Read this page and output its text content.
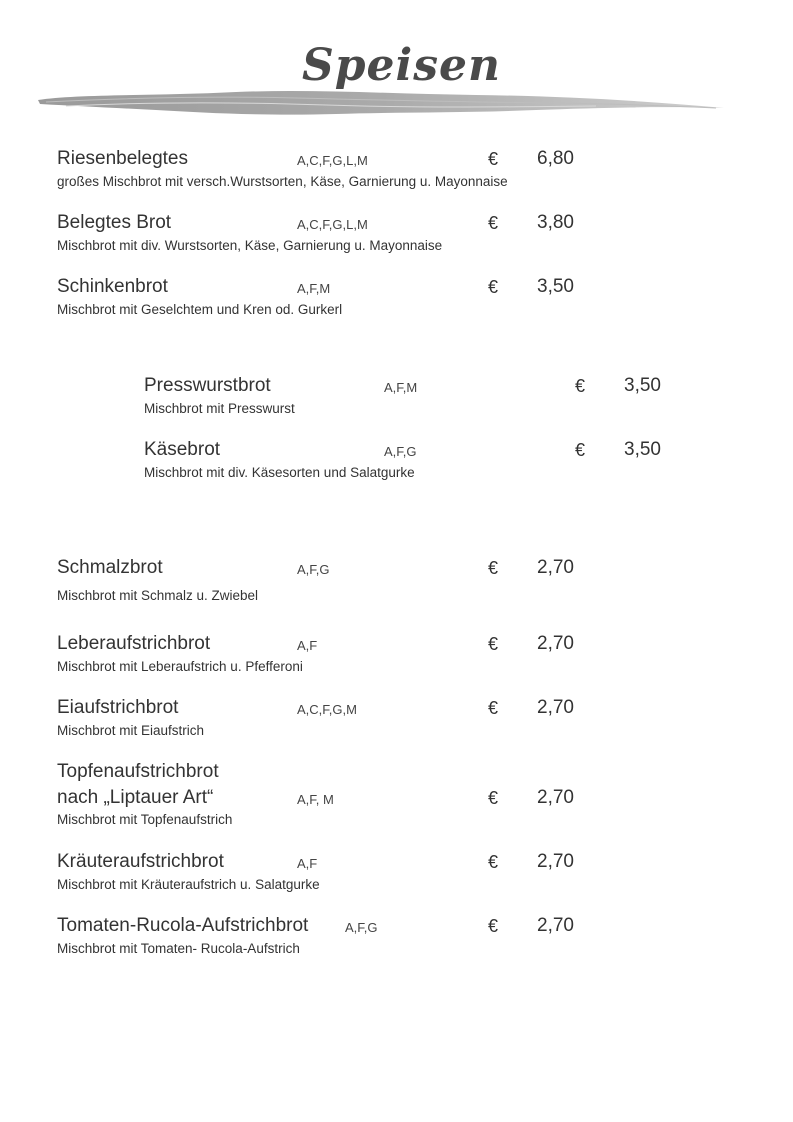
Speisen
Riesenbelegtes	A,C,F,G,L,M	€ 6,80
großes Mischbrot mit versch.Wurstsorten, Käse, Garnierung u. Mayonnaise
Belegtes Brot	A,C,F,G,L,M	€ 3,80
Mischbrot mit div. Wurstsorten, Käse, Garnierung u. Mayonnaise
Schinkenbrot	A,F,M	€ 3,50
Mischbrot mit Geselchtem und Kren od. Gurkerl
Presswurstbrot	A,F,M	€ 3,50
Mischbrot mit Presswurst
Käsebrot	A,F,G	€ 3,50
Mischbrot mit div. Käsesorten und Salatgurke
Schmalzbrot	A,F,G	€ 2,70
Mischbrot mit Schmalz u. Zwiebel
Leberaufstrichbrot	A,F	€ 2,70
Mischbrot mit Leberaufstrich u. Pfefferoni
Eiaufstrichbrot	A,C,F,G,M	€ 2,70
Mischbrot mit Eiaufstrich
Topfenaufstrichbrot
nach „Liptauer Art“	A,F, M	€ 2,70
Mischbrot mit Topfenaufstrich
Kräuteraufstrichbrot	A,F	€ 2,70
Mischbrot mit Kräuteraufstrich u. Salatgurke
Tomaten-Rucola-Aufstrichbrot	A,F,G	€ 2,70
Mischbrot mit Tomaten- Rucola-Aufstrich
